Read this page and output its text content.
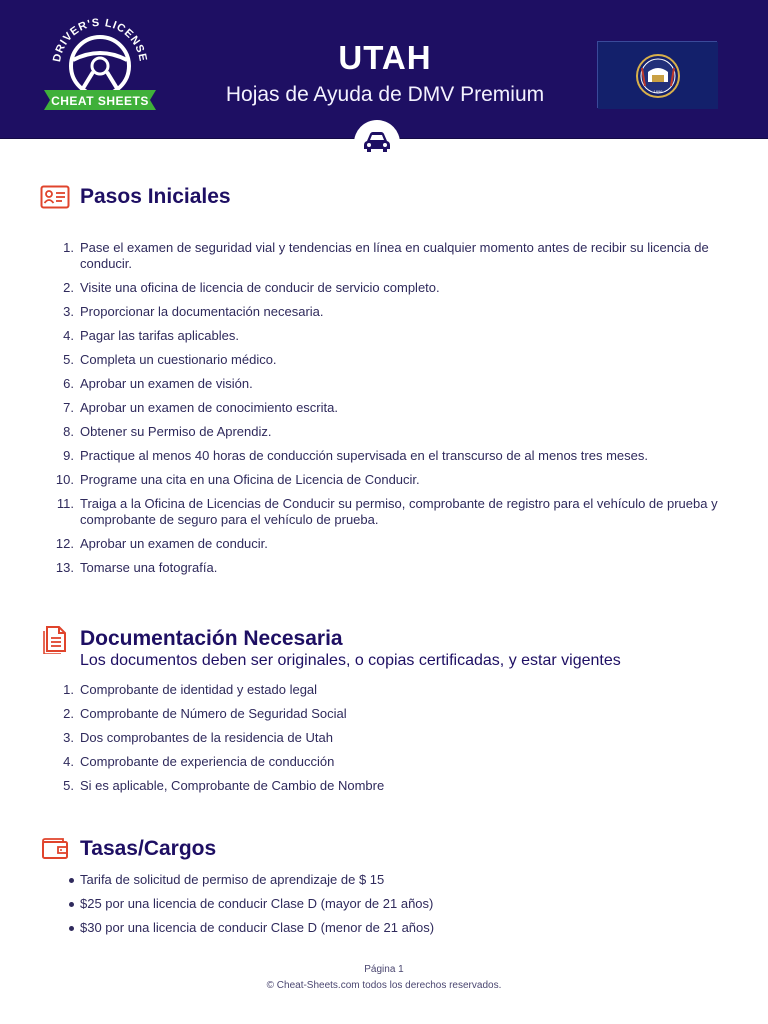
DRIVER'S LICENSE
CHEAT SHEETS
UTAH
Hojas de Ayuda de DMV Premium	1896
Pasos Iniciales
1. Pase el examen de seguridad vial y tendencias en línea en cualquier momento antes de recibir su licencia de conducir.
2. Visite una oficina de licencia de conducir de servicio completo.
3. Proporcionar la documentación necesaria.
4. Pagar las tarifas aplicables.
5. Completa un cuestionario médico.
6. Aprobar un examen de visión.
7. Aprobar un examen de conocimiento escrita.
8. Obtener su Permiso de Aprendiz.
9. Practique al menos 40 horas de conducción supervisada en el transcurso de al menos tres meses.
10. Programe una cita en una Oficina de Licencia de Conducir.
11. Traiga a la Oficina de Licencias de Conducir su permiso, comprobante de registro para el vehículo de prueba y comprobante de seguro para el vehículo de prueba.
12. Aprobar un examen de conducir.
13. Tomarse una fotografía.
Documentación Necesaria
Los documentos deben ser originales, o copias certificadas, y estar vigentes
1. Comprobante de identidad y estado legal
2. Comprobante de Número de Seguridad Social
3. Dos comprobantes de la residencia de Utah
4. Comprobante de experiencia de conducción
5. Si es aplicable, Comprobante de Cambio de Nombre
Tasas/Cargos
Tarifa de solicitud de permiso de aprendizaje de $ 15
$25 por una licencia de conducir Clase D (mayor de 21 años)
$30 por una licencia de conducir Clase D (menor de 21 años)
Página 1
© Cheat-Sheets.com todos los derechos reservados.
